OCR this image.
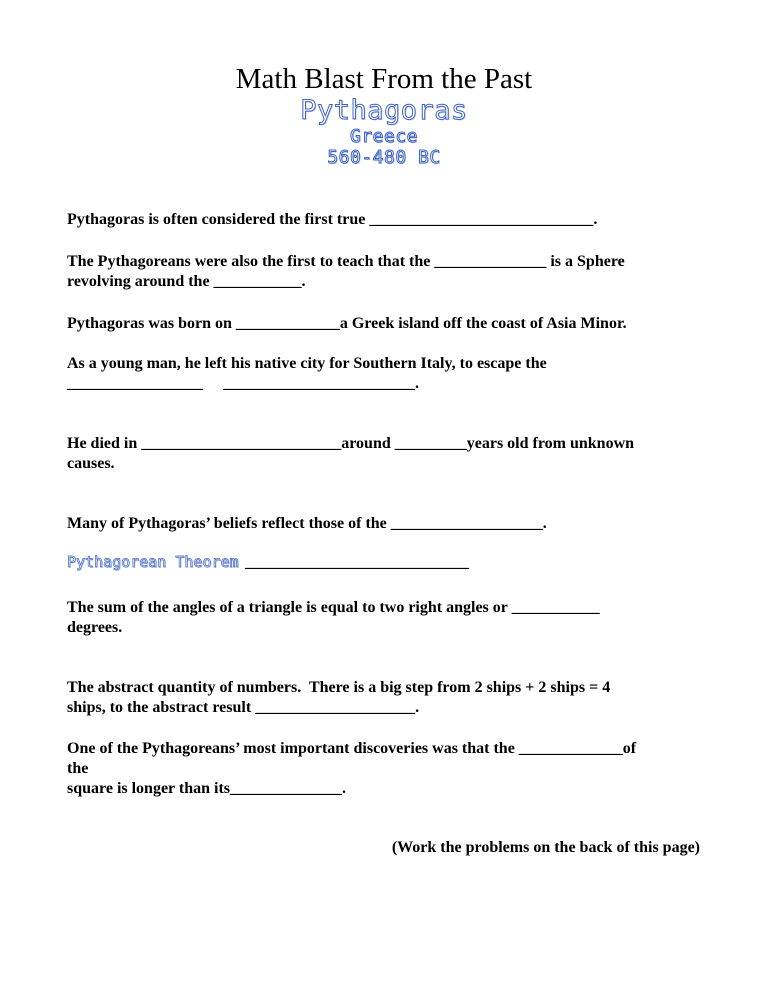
Math Blast From the Past
Pythagoras
Greece
560-480 BC
Pythagoras is often considered the first true ____________________________.
The Pythagoreans were also the first to teach that the ______________ is a Sphere
revolving around the ___________.
Pythagoras was born on _____________a Greek island off the coast of Asia Minor.
As a young man, he left his native city for Southern Italy, to escape the
_________________     ________________________.
He died in _________________________around _________years old from unknown
causes.
Many of Pythagoras’ beliefs reflect those of the ___________________.
Pythagorean Theorem ____________________________
The sum of the angles of a triangle is equal to two right angles or ___________
degrees.
The abstract quantity of numbers.  There is a big step from 2 ships + 2 ships = 4
ships, to the abstract result ____________________.
One of the Pythagoreans’ most important discoveries was that the _____________of
the
square is longer than its______________.
(Work the problems on the back of this page)
